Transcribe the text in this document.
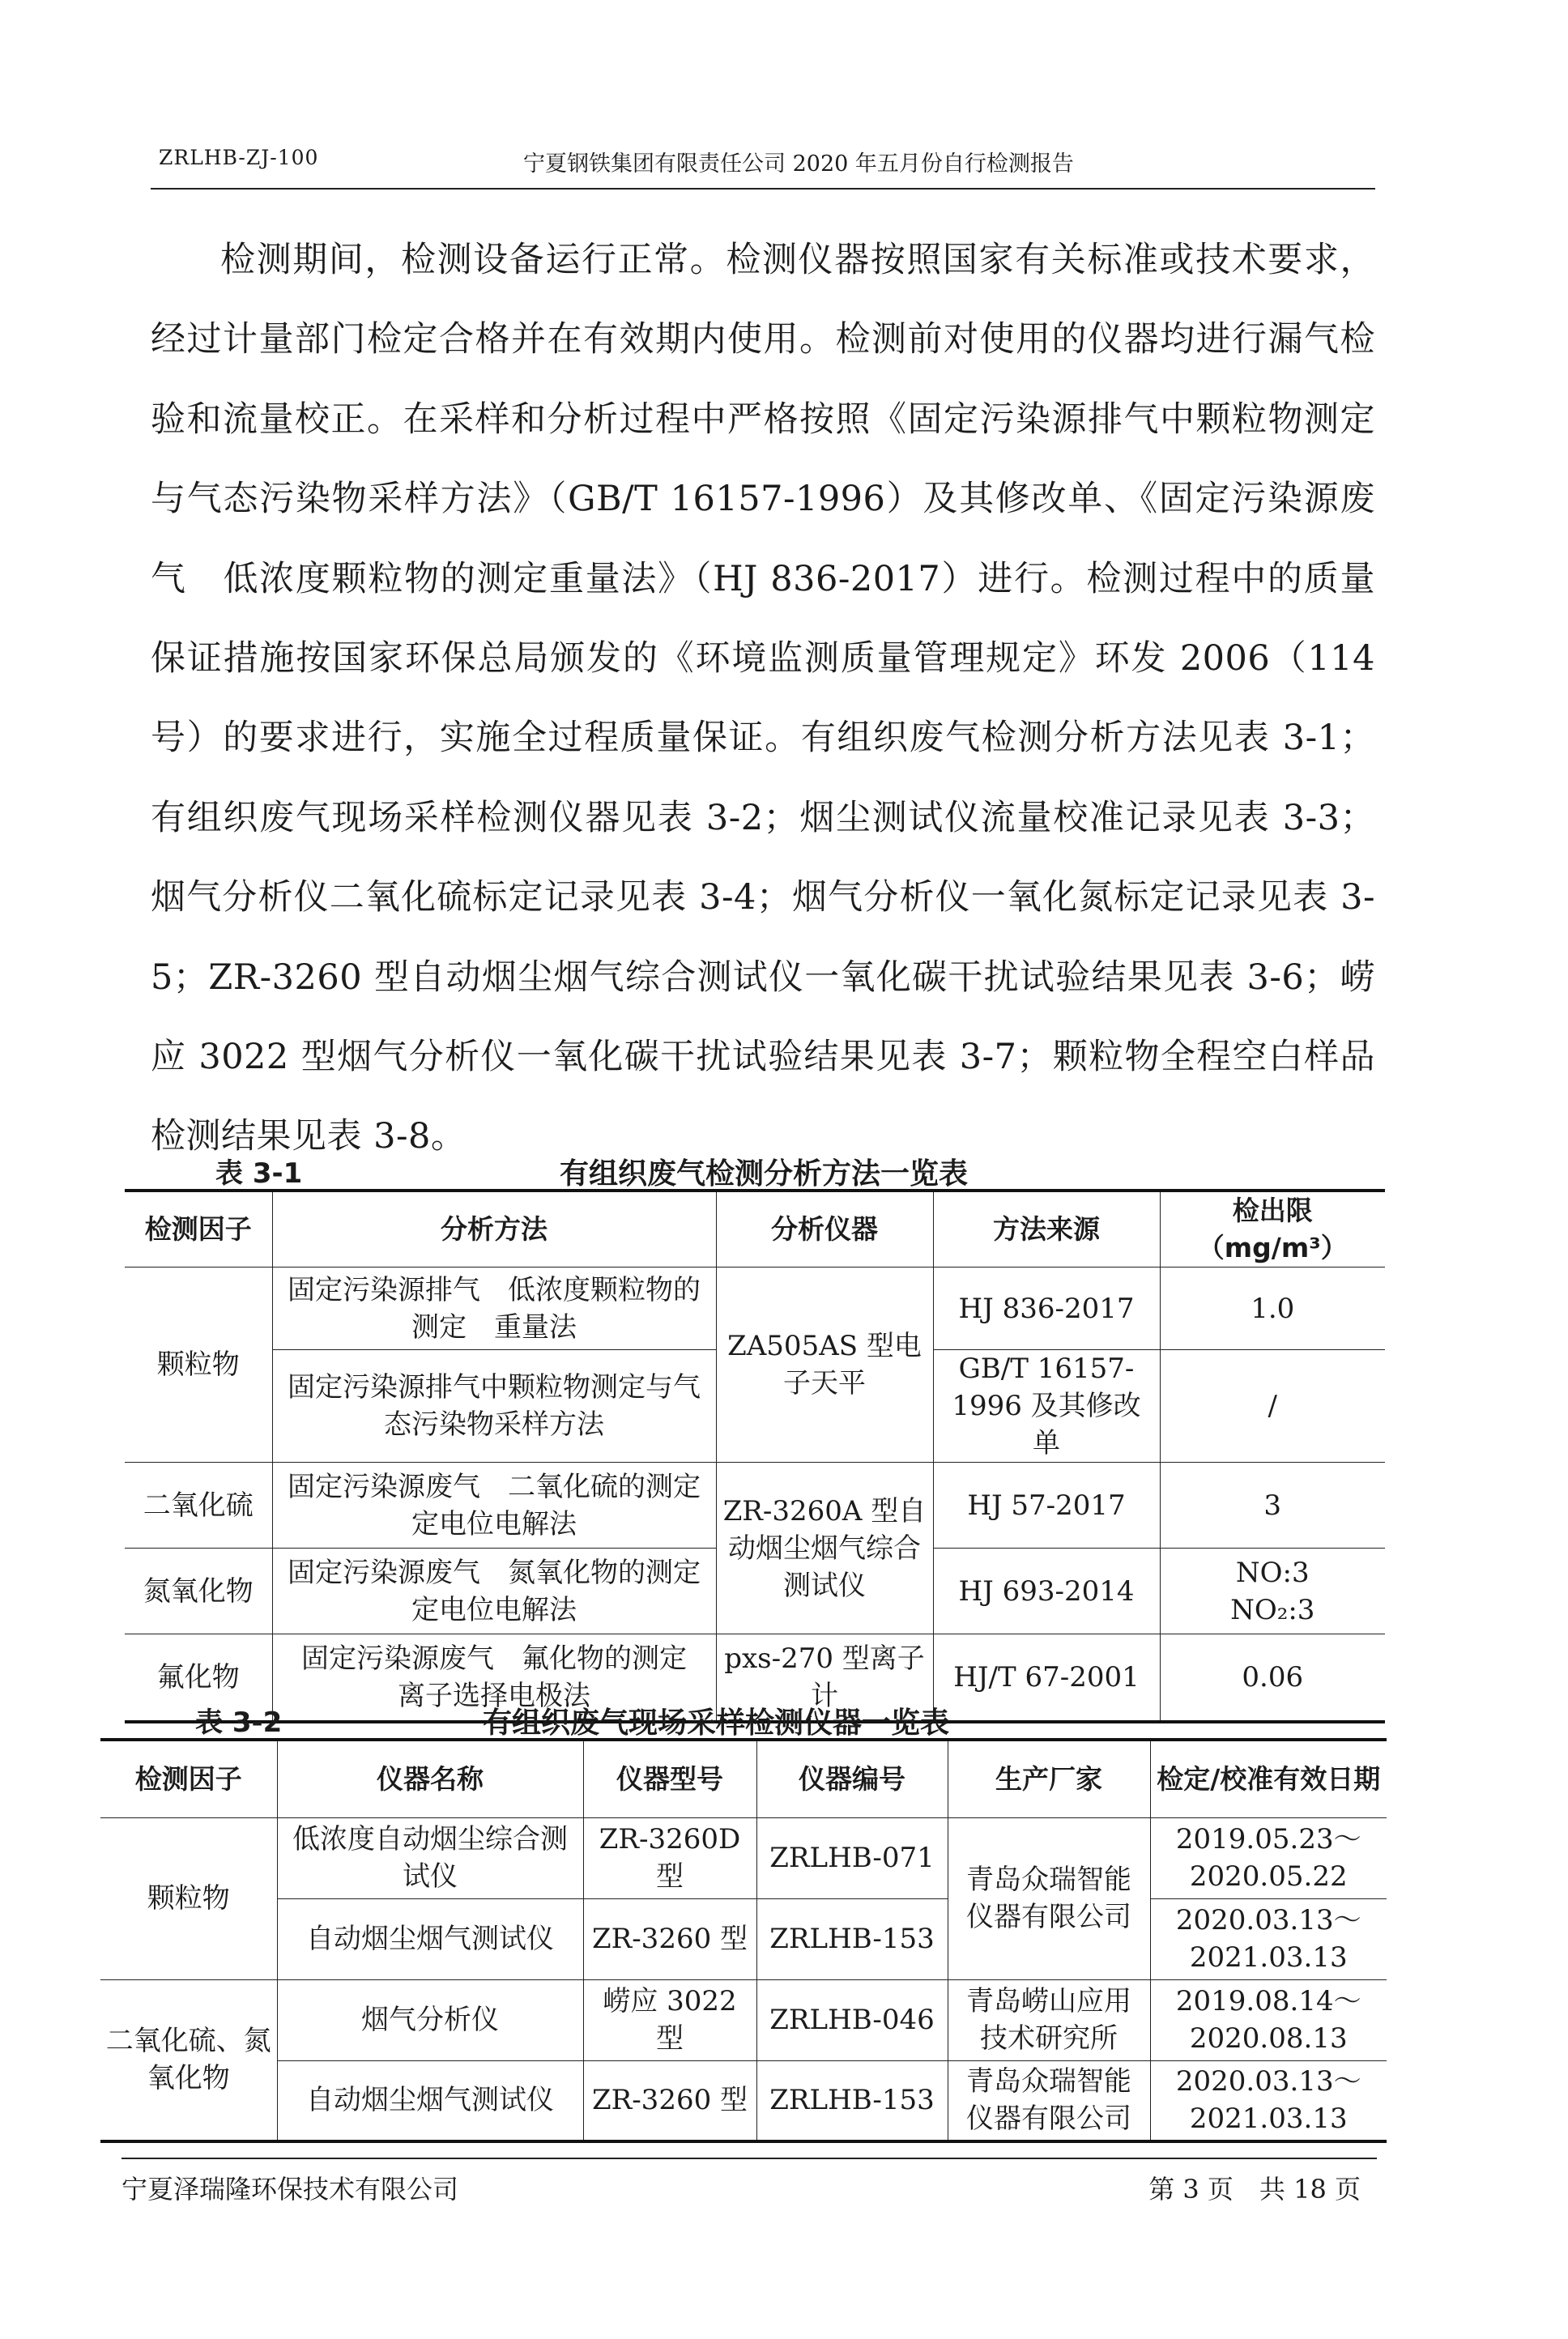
ZRLHB-ZJ-100	宁夏钢铁集团有限责任公司 2020 年五月份自行检测报告
检测期间，检测设备运行正常。检测仪器按照国家有关标准或技术要求，经过计量部门检定合格并在有效期内使用。检测前对使用的仪器均进行漏气检验和流量校正。在采样和分析过程中严格按照《固定污染源排气中颗粒物测定与气态污染物采样方法》（GB/T 16157-1996）及其修改单、《固定污染源废气　低浓度颗粒物的测定重量法》（HJ 836-2017）进行。检测过程中的质量保证措施按国家环保总局颁发的《环境监测质量管理规定》环发 2006（114 号）的要求进行，实施全过程质量保证。有组织废气检测分析方法见表 3-1；有组织废气现场采样检测仪器见表 3-2；烟尘测试仪流量校准记录见表 3-3；烟气分析仪二氧化硫标定记录见表 3-4；烟气分析仪一氧化氮标定记录见表 3-5；ZR-3260 型自动烟尘烟气综合测试仪一氧化碳干扰试验结果见表 3-6；崂应 3022 型烟气分析仪一氧化碳干扰试验结果见表 3-7；颗粒物全程空白样品检测结果见表 3-8。
表 3-1	有组织废气检测分析方法一览表
检测因子	分析方法	分析仪器	方法来源	检出限（mg/m³）
颗粒物	固定污染源排气　低浓度颗粒物的测定　重量法	ZA505AS 型电子天平	HJ 836-2017	1.0
	固定污染源排气中颗粒物测定与气态污染物采样方法		GB/T 16157-1996 及其修改单	/
二氧化硫	固定污染源废气　二氧化硫的测定　定电位电解法	ZR-3260A 型自动烟尘烟气综合测试仪	HJ 57-2017	3
氮氧化物	固定污染源废气　氮氧化物的测定　定电位电解法		HJ 693-2014	NO:3
NO₂:3

氟化物	固定污染源废气　氟化物的测定　离子选择电极法	pxs-270 型离子计	HJ/T 67-2001	0.06
表 3-2	有组织废气现场采样检测仪器一览表
检测因子	仪器名称	仪器型号	仪器编号	生产厂家	检定/校准有效日期
颗粒物	低浓度自动烟尘综合测试仪	ZR-3260D 型	ZRLHB-071	青岛众瑞智能仪器有限公司	2019.05.23～2020.05.22
	自动烟尘烟气测试仪	ZR-3260 型	ZRLHB-153		2020.03.13～2021.03.13
二氧化硫、氮氧化物	烟气分析仪	崂应 3022 型	ZRLHB-046	青岛崂山应用技术研究所	2019.08.14～2020.08.13
	自动烟尘烟气测试仪	ZR-3260 型	ZRLHB-153	青岛众瑞智能仪器有限公司	2020.03.13～2021.03.13
宁夏泽瑞隆环保技术有限公司	第 3 页　共 18 页
